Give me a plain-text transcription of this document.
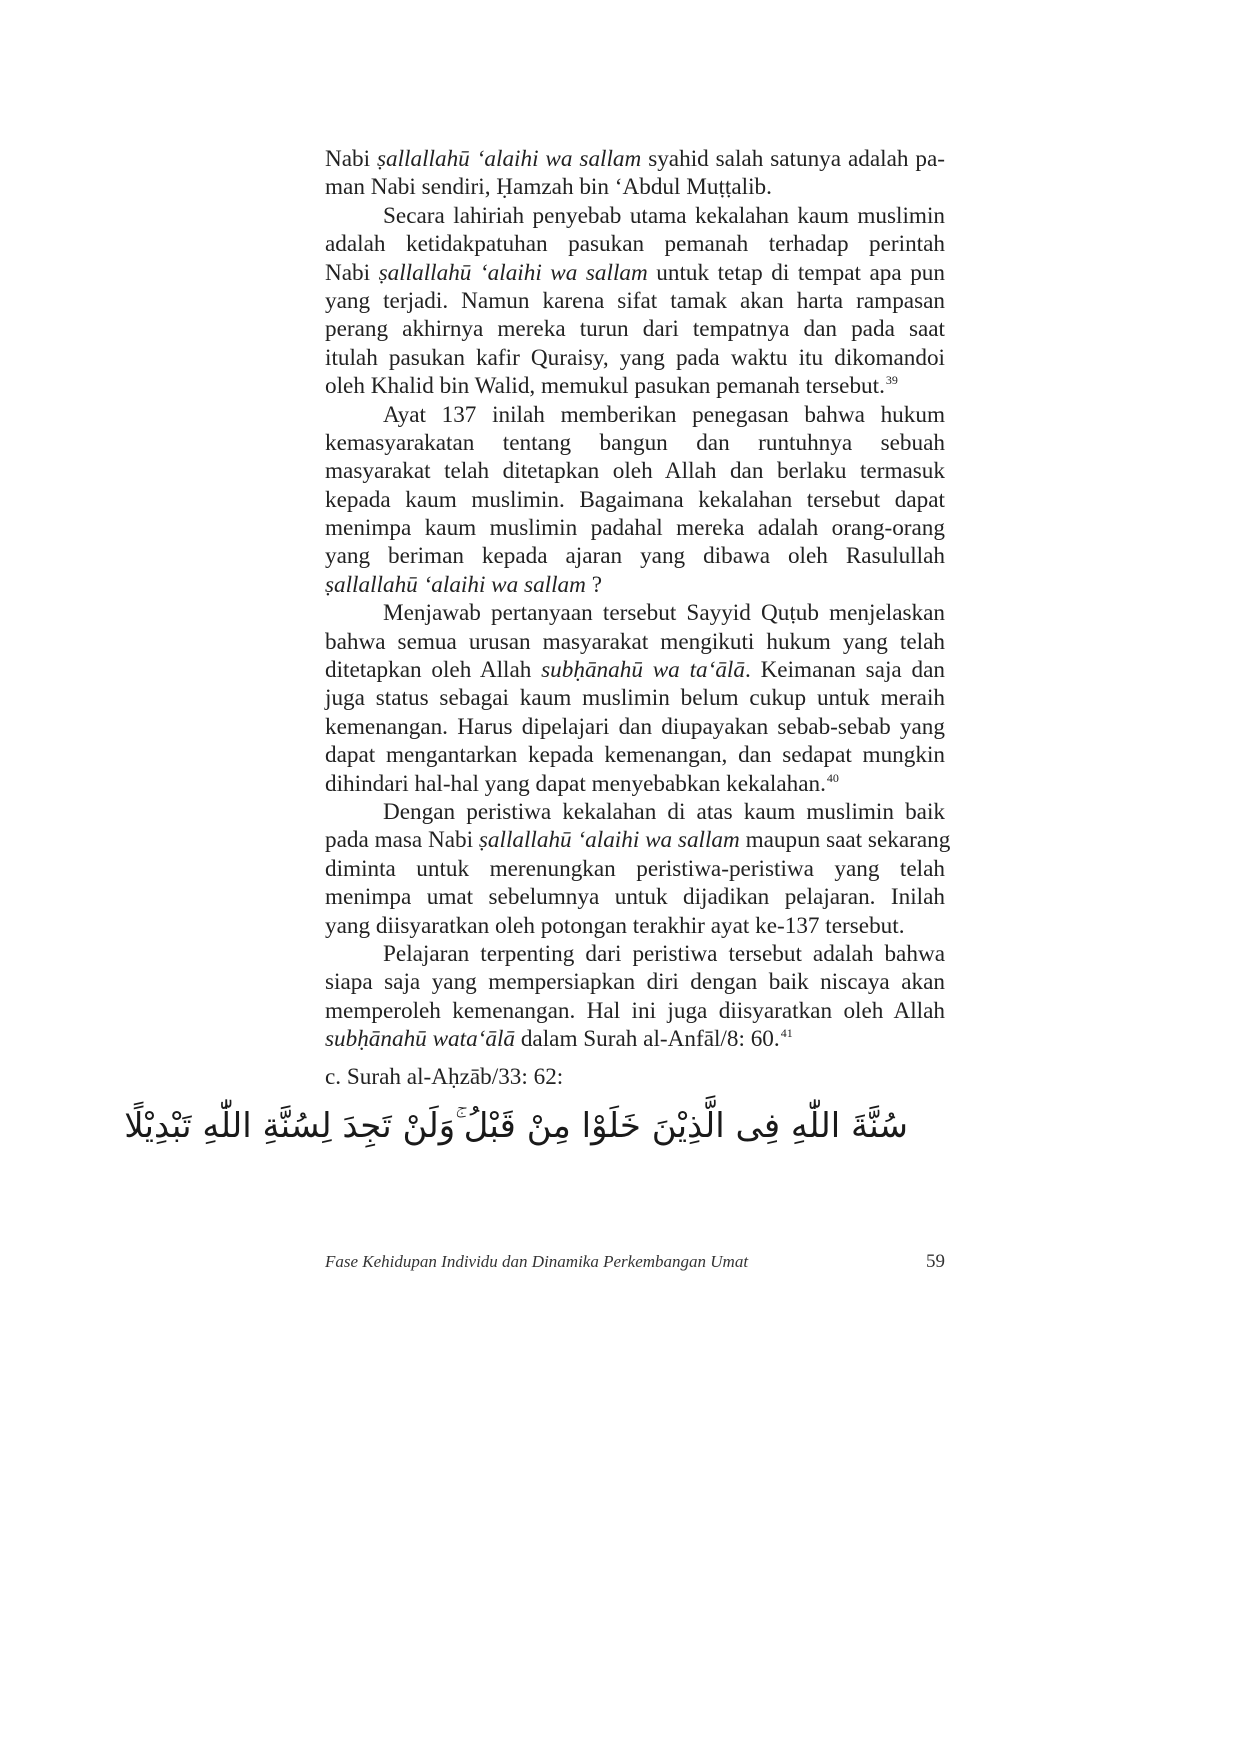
Nabi ṣallallahū ‘alaihi wa sallam syahid salah satunya adalah pa-
man Nabi sendiri, Ḥamzah bin ‘Abdul Muṭṭalib.
Secara lahiriah penyebab utama kekalahan kaum muslimin
adalah ketidakpatuhan pasukan pemanah terhadap perintah
Nabi ṣallallahū ‘alaihi wa sallam untuk tetap di tempat apa pun
yang terjadi. Namun karena sifat tamak akan harta rampasan
perang akhirnya mereka turun dari tempatnya dan pada saat
itulah pasukan kafir Quraisy, yang pada waktu itu dikomandoi
oleh Khalid bin Walid, memukul pasukan pemanah tersebut.$^{39}$
Ayat 137 inilah memberikan penegasan bahwa hukum
kemasyarakatan tentang bangun dan runtuhnya sebuah
masyarakat telah ditetapkan oleh Allah dan berlaku termasuk
kepada kaum muslimin. Bagaimana kekalahan tersebut dapat
menimpa kaum muslimin padahal mereka adalah orang-orang
yang beriman kepada ajaran yang dibawa oleh Rasulullah
ṣallallahū ‘alaihi wa sallam ?
Menjawab pertanyaan tersebut Sayyid Quṭub menjelaskan
bahwa semua urusan masyarakat mengikuti hukum yang telah
ditetapkan oleh Allah subḥānahū wa ta‘ālā. Keimanan saja dan
juga status sebagai kaum muslimin belum cukup untuk meraih
kemenangan. Harus dipelajari dan diupayakan sebab-sebab yang
dapat mengantarkan kepada kemenangan, dan sedapat mungkin
dihindari hal-hal yang dapat menyebabkan kekalahan.$^{40}$
Dengan peristiwa kekalahan di atas kaum muslimin baik
pada masa Nabi ṣallallahū ‘alaihi wa sallam maupun saat sekarang
diminta untuk merenungkan peristiwa-peristiwa yang telah
menimpa umat sebelumnya untuk dijadikan pelajaran. Inilah
yang diisyaratkan oleh potongan terakhir ayat ke-137 tersebut.
Pelajaran terpenting dari peristiwa tersebut adalah bahwa
siapa saja yang mempersiapkan diri dengan baik niscaya akan
memperoleh kemenangan. Hal ini juga diisyaratkan oleh Allah
subḥānahū wata‘ālā dalam Surah al-Anfāl/8: 60.41
c. Surah al-Aḥzāb/33: 62:
سُنَّةَ اللّٰهِ فِى الَّذِيْنَ خَلَوْا مِنْ قَبْلُ ۚوَلَنْ تَجِدَ لِسُنَّةِ اللّٰهِ تَبْدِيْلًا
Fase Kehidupan Individu dan Dinamika Perkembangan Umat	59
